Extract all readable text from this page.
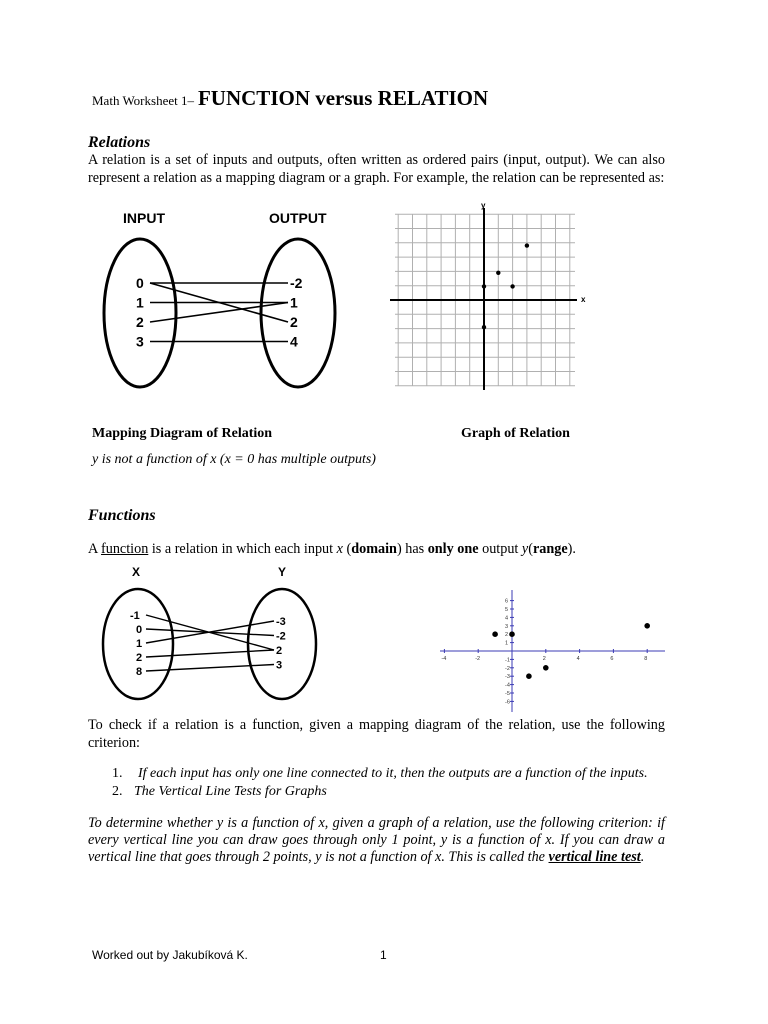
Math Worksheet 1– FUNCTION versus RELATION
Relations
A relation is a set of inputs and outputs, often written as ordered pairs (input, output). We can also represent a relation as a mapping diagram or a graph. For example, the relation can be represented as:
INPUT	OUTPUT
0
1
2
3
-2
1
2
4
x
y
Mapping Diagram of Relation	Graph of Relation
y is not a function of x (x = 0 has multiple outputs)
Functions
A function is a relation in which each input x (domain) has only one output y(range).
X	Y
-1
0
1
2
8
-3
-2
2
3
-4	-2	2	4	6	8
6
5
4
3
2
1
-1
-2
-3
-4
-5
-6
To check if a relation is a function, given a mapping diagram of the relation, use the following criterion:
1. If each input has only one line connected to it, then the outputs are a function of the inputs.
2. The Vertical Line Tests for Graphs
To determine whether y is a function of x, given a graph of a relation, use the following criterion: if every vertical line you can draw goes through only 1 point, y is a function of x. If you can draw a vertical line that goes through 2 points, y is not a function of x. This is called the vertical line test.
Worked out by Jakubíková K.	1
